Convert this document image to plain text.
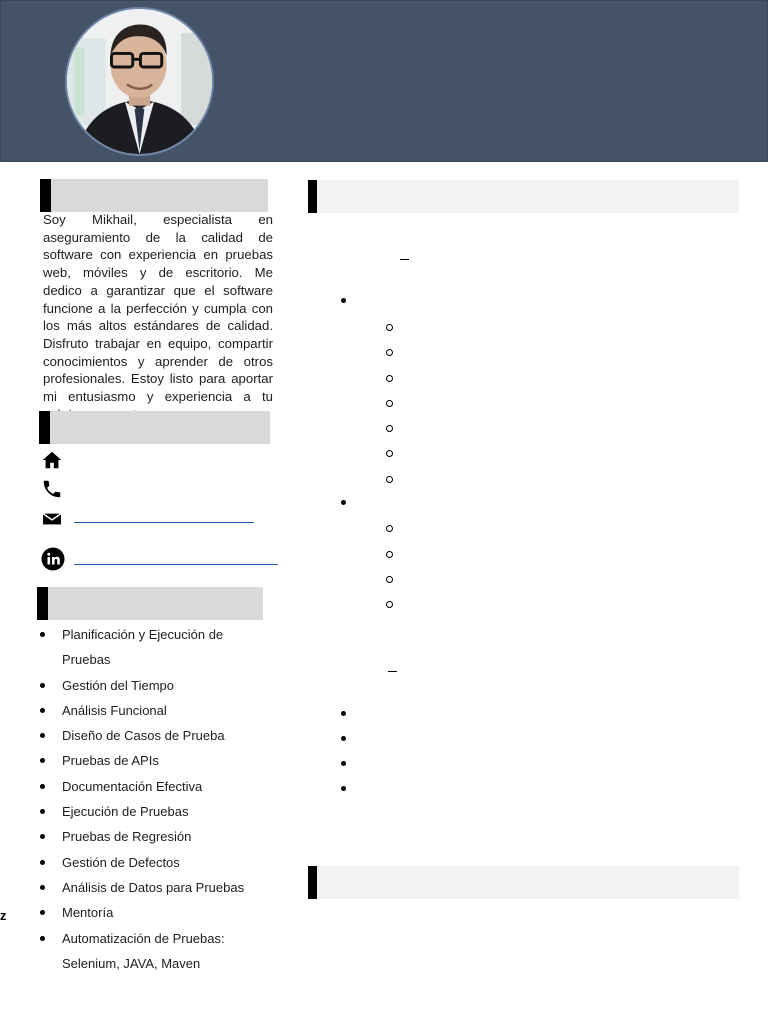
Soy Mikhail, especialista en aseguramiento de la calidad de software con experiencia en pruebas web, móviles y de escritorio. Me dedico a garantizar que el software funcione a la perfección y cumpla con los más altos estándares de calidad. Disfruto trabajar en equipo, compartir conocimientos y aprender de otros profesionales. Estoy listo para aportar mi entusiasmo y experiencia a tu
Planificación y Ejecución de Pruebas
Gestión del Tiempo
Análisis Funcional
Diseño de Casos de Prueba
Pruebas de APIs
Documentación Efectiva
Ejecución de Pruebas
Pruebas de Regresión
Gestión de Defectos
Análisis de Datos para Pruebas
Mentoría
Automatización de Pruebas: Selenium, JAVA, Maven
z
